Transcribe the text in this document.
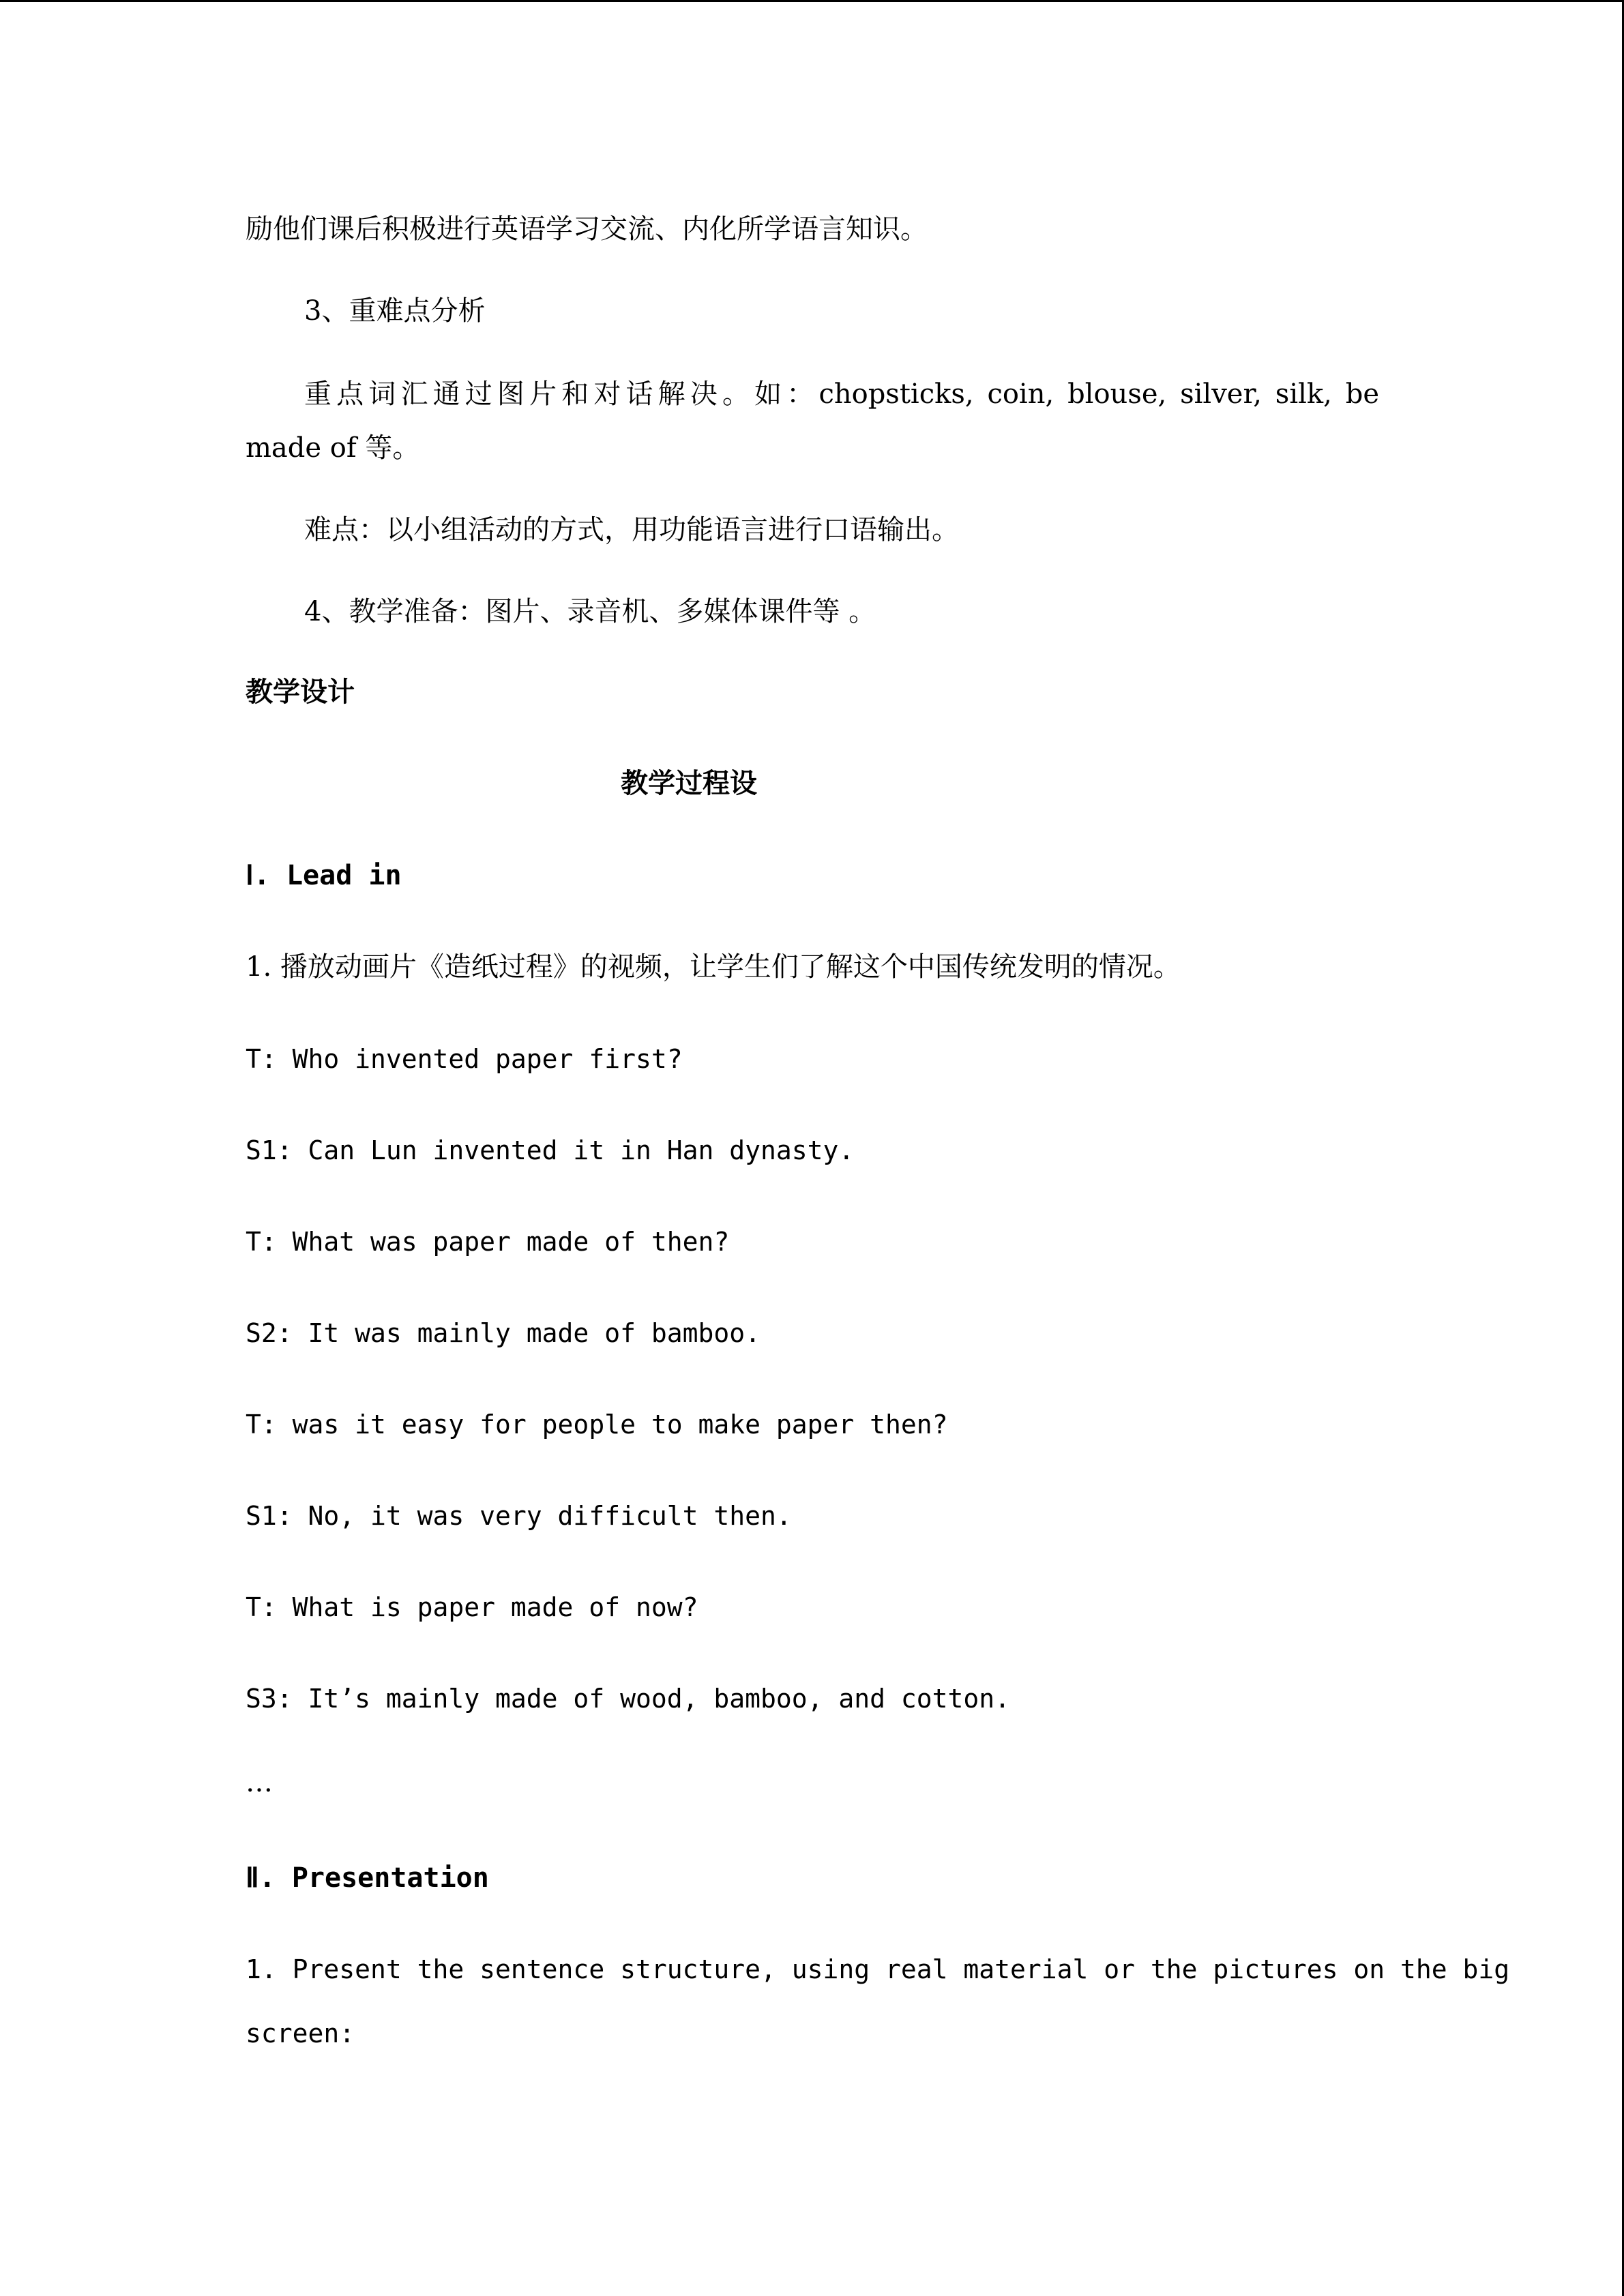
励他们课后积极进行英语学习交流、内化所学语言知识。
3、重难点分析
重点词汇通过图片和对话解决。如：chopsticks, coin, blouse, silver, silk, be
made of 等。
难点：以小组活动的方式，用功能语言进行口语输出。
4、教学准备：图片、录音机、多媒体课件等 。
教学设计
教学过程设
Ⅰ. Lead in
1. 播放动画片《造纸过程》的视频，让学生们了解这个中国传统发明的情况。
T: Who invented paper first?
S1: Can Lun invented it in Han dynasty.
T: What was paper made of then?
S2: It was mainly made of bamboo.
T: was it easy for people to make paper then?
S1: No, it was very difficult then.
T: What is paper made of now?
S3: It’s mainly made of wood, bamboo, and cotton.
…
Ⅱ. Presentation
1. Present the sentence structure, using real material or the pictures on the big
screen:
